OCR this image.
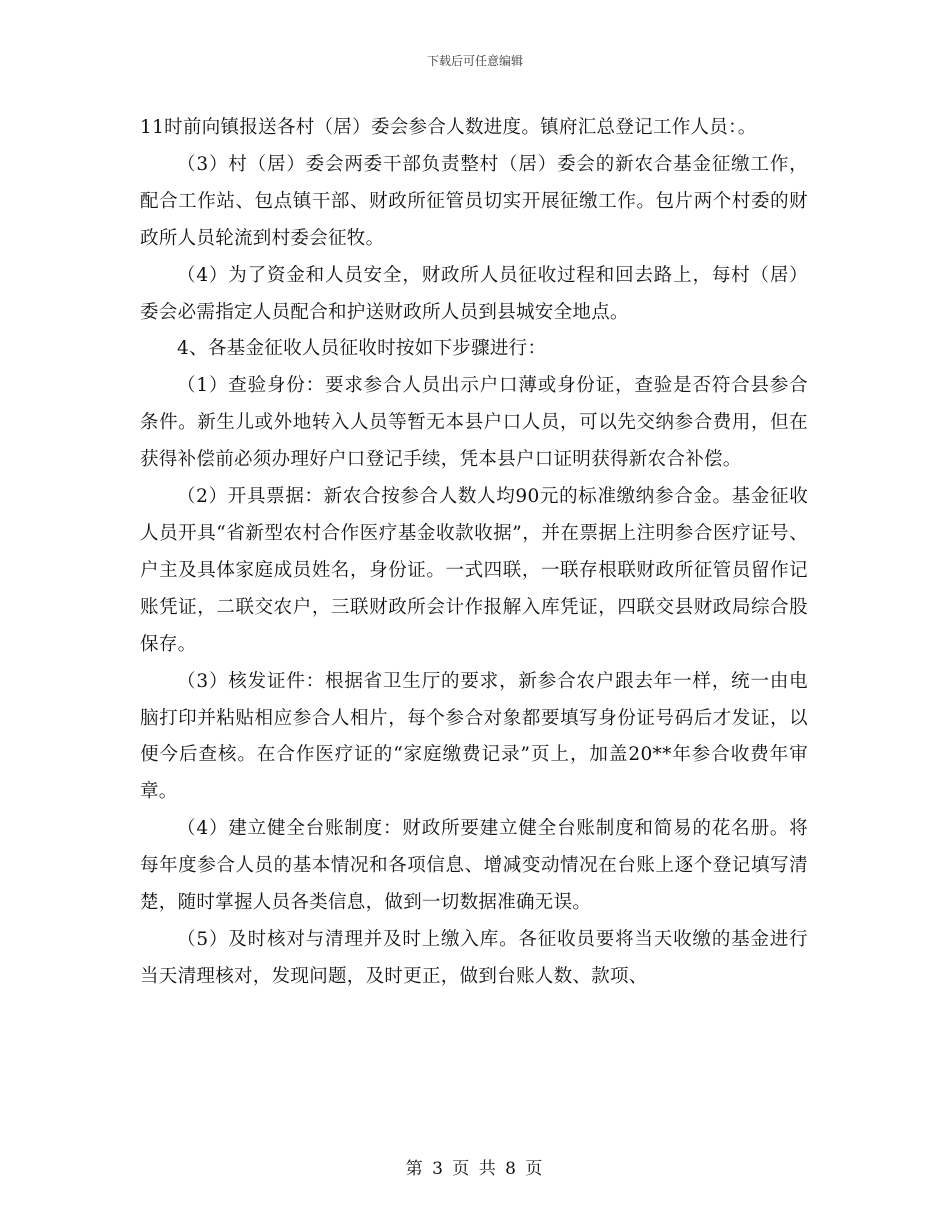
下载后可任意编辑

11时前向镇报送各村（居）委会参合人数进度。镇府汇总登记工作人员：。

（3）村（居）委会两委干部负责整村（居）委会的新农合基金征缴工作，配合工作站、包点镇干部、财政所征管员切实开展征缴工作。包片两个村委的财政所人员轮流到村委会征牧。

（4）为了资金和人员安全，财政所人员征收过程和回去路上，每村（居）委会必需指定人员配合和护送财政所人员到县城安全地点。

4、各基金征收人员征收时按如下步骤进行：

（1）查验身份：要求参合人员出示户口薄或身份证，查验是否符合县参合条件。新生儿或外地转入人员等暂无本县户口人员，可以先交纳参合费用，但在获得补偿前必须办理好户口登记手续，凭本县户口证明获得新农合补偿。

（2）开具票据：新农合按参合人数人均90元的标准缴纳参合金。基金征收人员开具“省新型农村合作医疗基金收款收据”，并在票据上注明参合医疗证号、户主及具体家庭成员姓名，身份证。一式四联，一联存根联财政所征管员留作记账凭证，二联交农户，三联财政所会计作报解入库凭证，四联交县财政局综合股保存。

（3）核发证件：根据省卫生厅的要求，新参合农户跟去年一样，统一由电脑打印并粘贴相应参合人相片，每个参合对象都要填写身份证号码后才发证，以便今后查核。在合作医疗证的“家庭缴费记录”页上，加盖20**年参合收费年审章。

（4）建立健全台账制度：财政所要建立健全台账制度和简易的花名册。将每年度参合人员的基本情况和各项信息、增减变动情况在台账上逐个登记填写清楚，随时掌握人员各类信息，做到一切数据准确无误。

（5）及时核对与清理并及时上缴入库。各征收员要将当天收缴的基金进行当天清理核对，发现问题，及时更正，做到台账人数、款项、

第 3 页 共 8 页
